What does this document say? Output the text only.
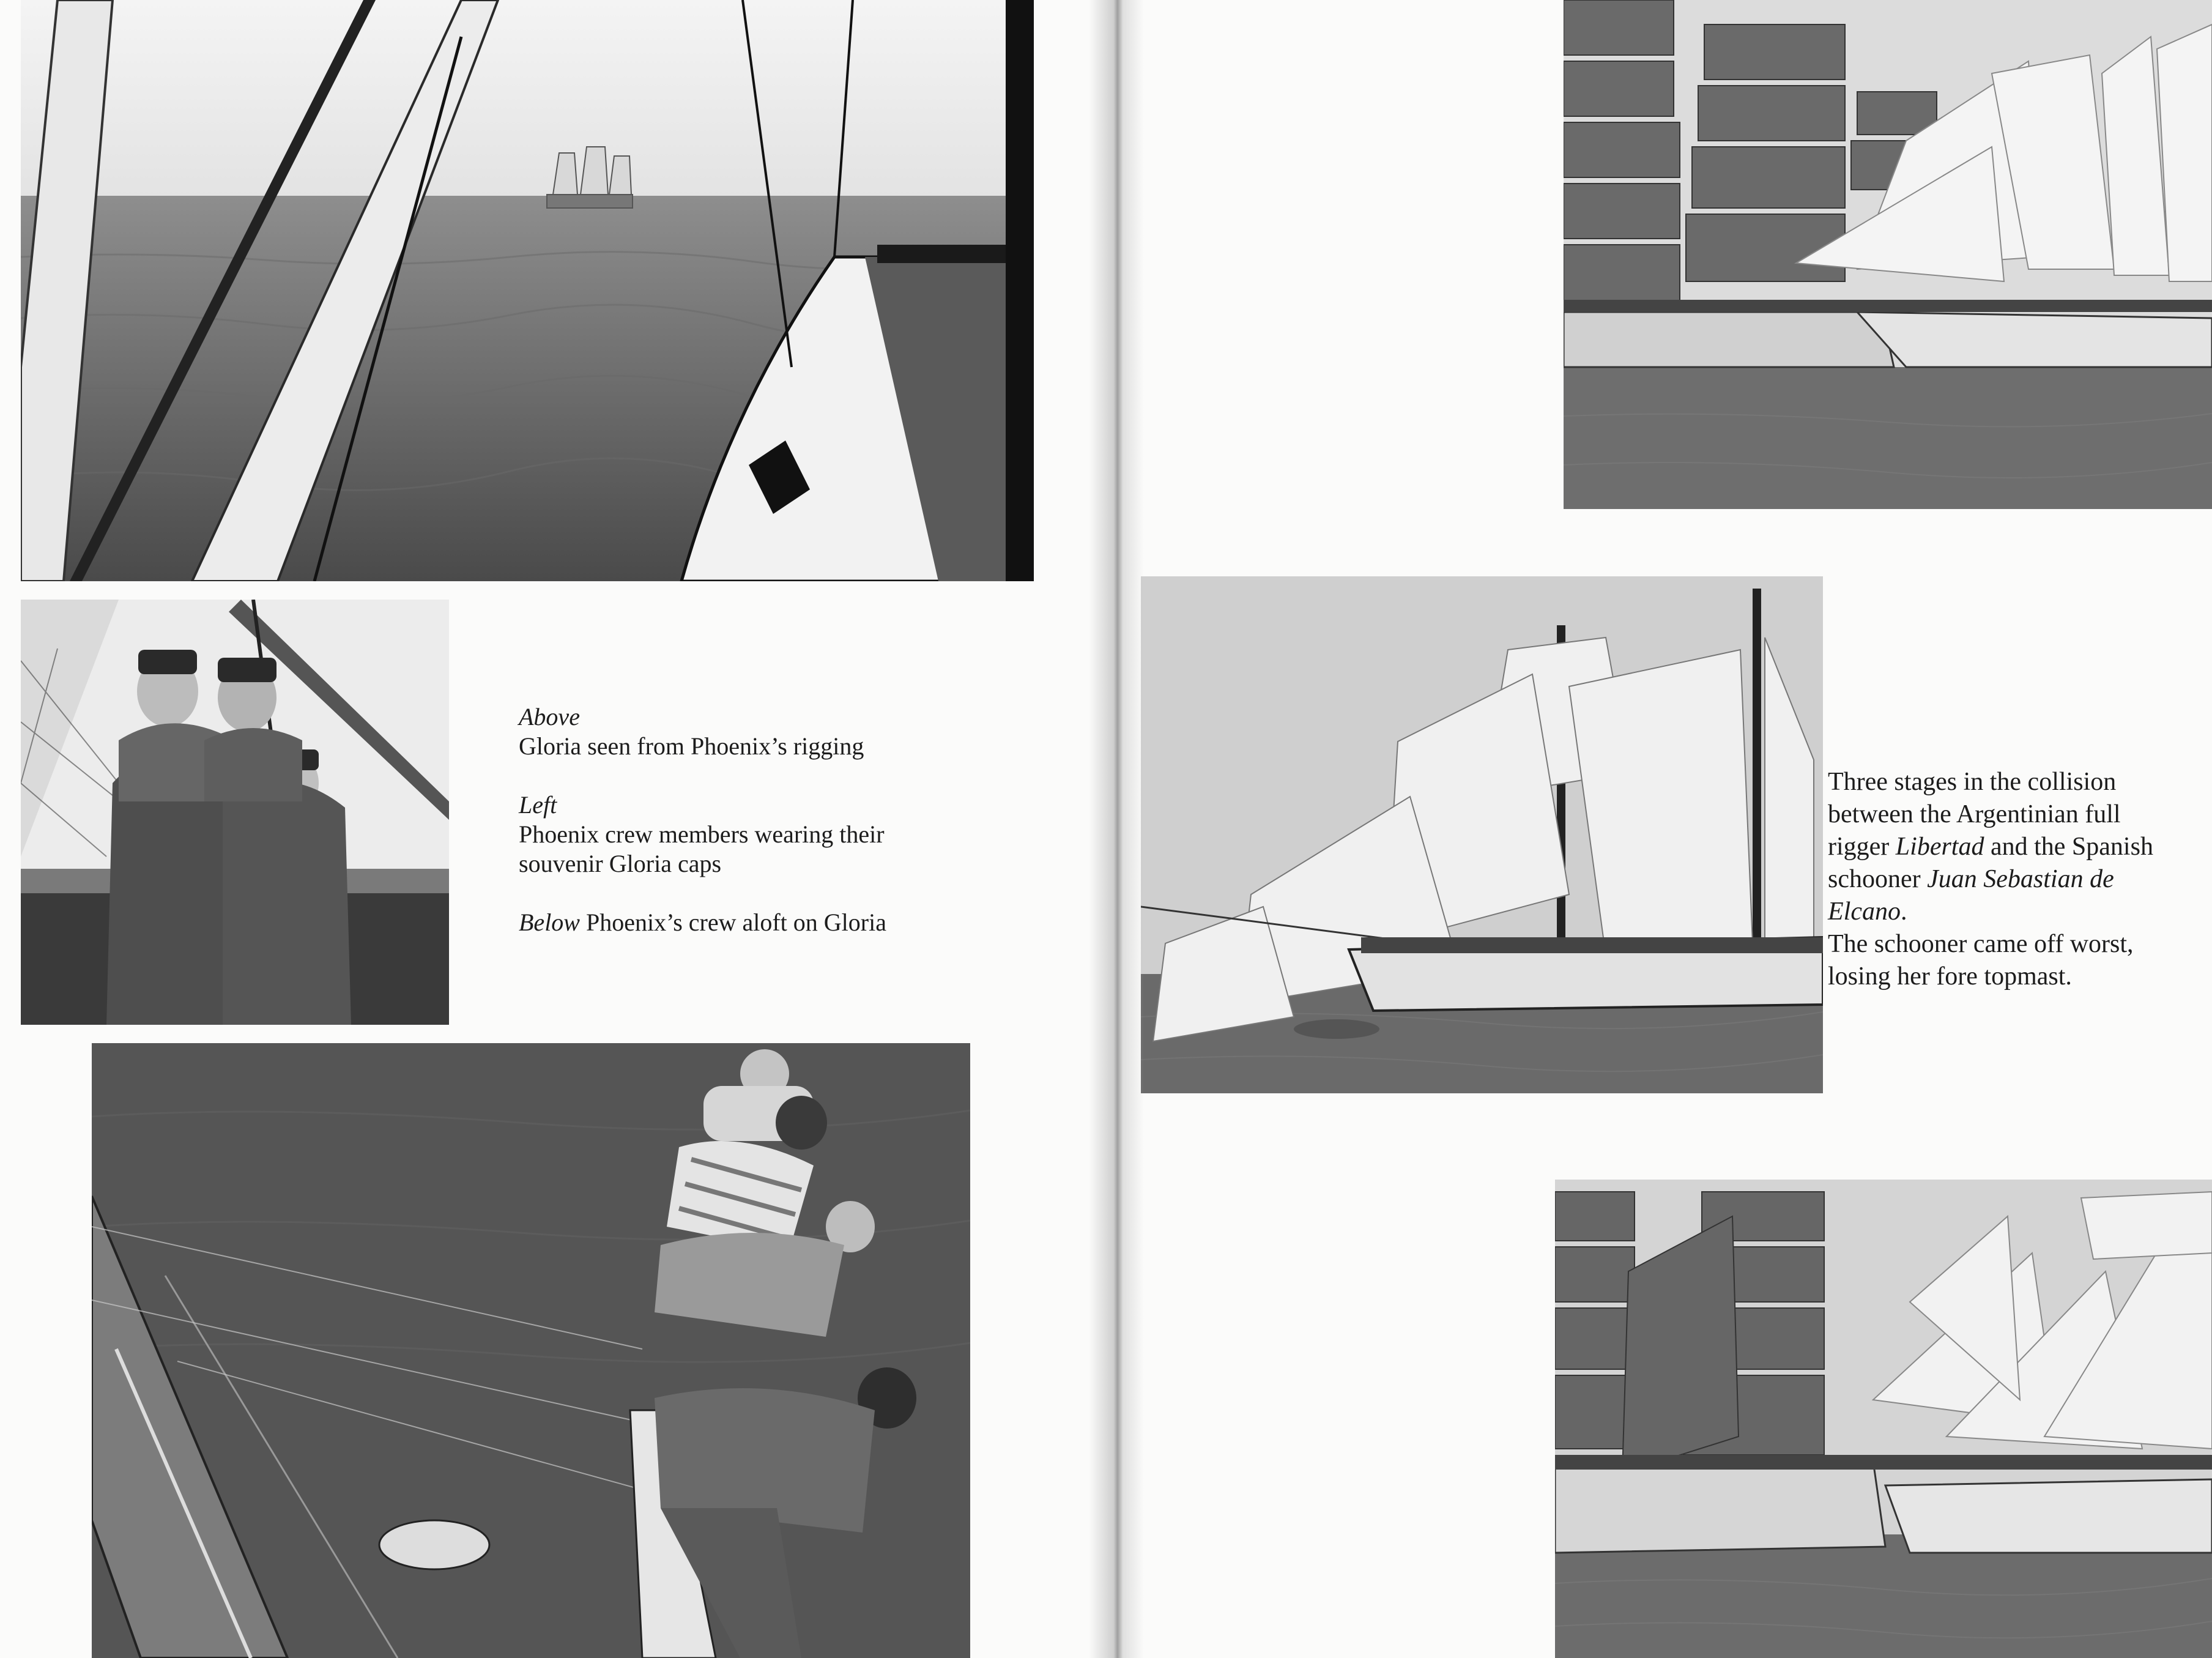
Above

Gloria seen from Phoenix’s rigging

Left

Phoenix crew members wearing their

souvenir Gloria caps

Below Phoenix’s crew aloft on Gloria

Three stages in the collision

between the Argentinian full

rigger Libertad and the Spanish

schooner Juan Sebastian de

Elcano.

The schooner came off worst,

losing her fore topmast.
